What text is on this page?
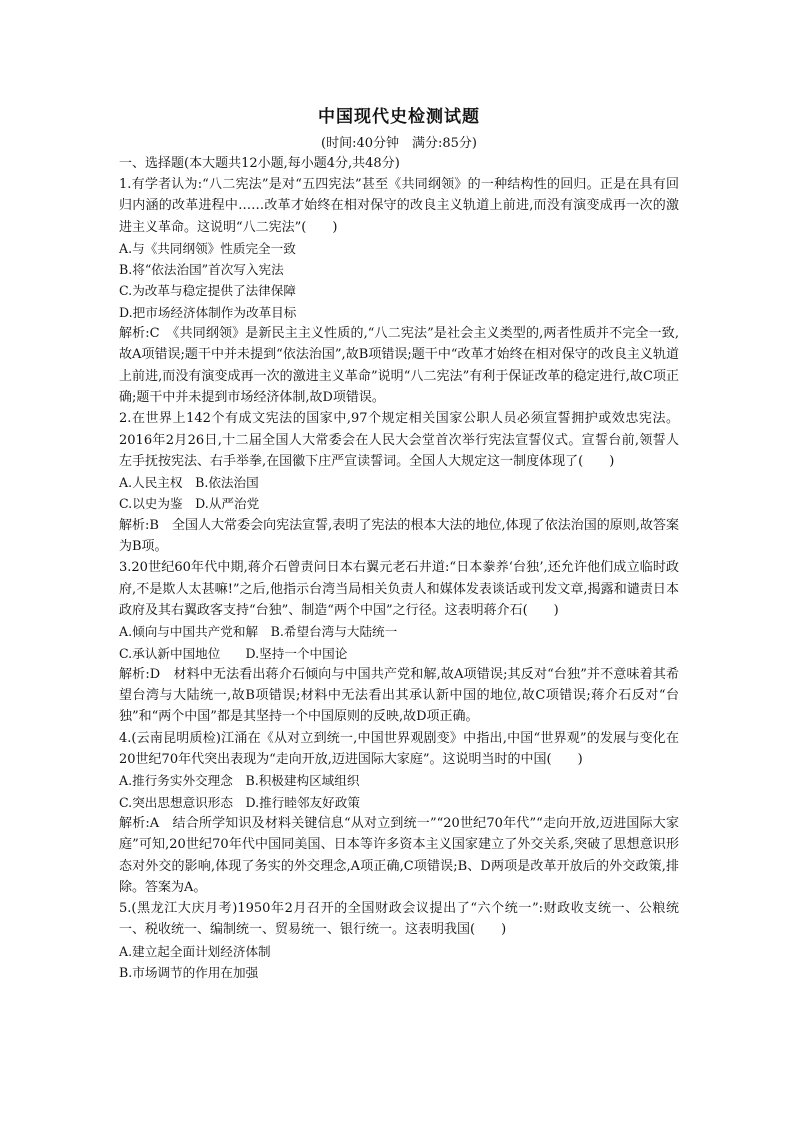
中国现代史检测试题
(时间:40分钟　满分:85分)
一、选择题(本大题共12小题,每小题4分,共48分)

1.有学者认为:“八二宪法”是对“五四宪法”甚至《共同纲领》的一种结构性的回归。正是在具有回归内涵的改革进程中……改革才始终在相对保守的改良主义轨道上前进,而没有演变成再一次的激进主义革命。这说明“八二宪法”(　　)

A.与《共同纲领》性质完全一致
B.将“依法治国”首次写入宪法
C.为改革与稳定提供了法律保障
D.把市场经济体制作为改革目标

解析:C　《共同纲领》是新民主主义性质的,“八二宪法”是社会主义类型的,两者性质并不完全一致,故A项错误;题干中并未提到“依法治国”,故B项错误;题干中“改革才始终在相对保守的改良主义轨道上前进,而没有演变成再一次的激进主义革命”说明“八二宪法”有利于保证改革的稳定进行,故C项正确;题干中并未提到市场经济体制,故D项错误。

2.在世界上142个有成文宪法的国家中,97个规定相关国家公职人员必须宣誓拥护或效忠宪法。2016年2月26日,十二届全国人大常委会在人民大会堂首次举行宪法宣誓仪式。宣誓台前,领誓人左手抚按宪法、右手举拳,在国徽下庄严宣读誓词。全国人大规定这一制度体现了(　　)

A.人民主权　B.依法治国
C.以史为鉴　D.从严治党

解析:B　全国人大常委会向宪法宣誓,表明了宪法的根本大法的地位,体现了依法治国的原则,故答案为B项。

3.20世纪60年代中期,蒋介石曾责问日本右翼元老石井道:“日本豢养‘台独’,还允许他们成立临时政府,不是欺人太甚嘛!”之后,他指示台湾当局相关负责人和媒体发表谈话或刊发文章,揭露和谴责日本政府及其右翼政客支持“台独”、制造“两个中国”之行径。这表明蒋介石(　　)

A.倾向与中国共产党和解　B.希望台湾与大陆统一
C.承认新中国地位　　D.坚持一个中国论

解析:D　材料中无法看出蒋介石倾向与中国共产党和解,故A项错误;其反对“台独”并不意味着其希望台湾与大陆统一,故B项错误;材料中无法看出其承认新中国的地位,故C项错误;蒋介石反对“台独”和“两个中国”都是其坚持一个中国原则的反映,故D项正确。

4.(云南昆明质检)江涌在《从对立到统一,中国世界观剧变》中指出,中国“世界观”的发展与变化在20世纪70年代突出表现为“走向开放,迈进国际大家庭”。这说明当时的中国(　　)

A.推行务实外交理念　B.积极建构区域组织
C.突出思想意识形态　D.推行睦邻友好政策

解析:A　结合所学知识及材料关键信息“从对立到统一”“20世纪70年代”“走向开放,迈进国际大家庭”可知,20世纪70年代中国同美国、日本等许多资本主义国家建立了外交关系,突破了思想意识形态对外交的影响,体现了务实的外交理念,A项正确,C项错误;B、D两项是改革开放后的外交政策,排除。答案为A。

5.(黑龙江大庆月考)1950年2月召开的全国财政会议提出了“六个统一”:财政收支统一、公粮统一、税收统一、编制统一、贸易统一、银行统一。这表明我国(　　)

A.建立起全面计划经济体制
B.市场调节的作用在加强
